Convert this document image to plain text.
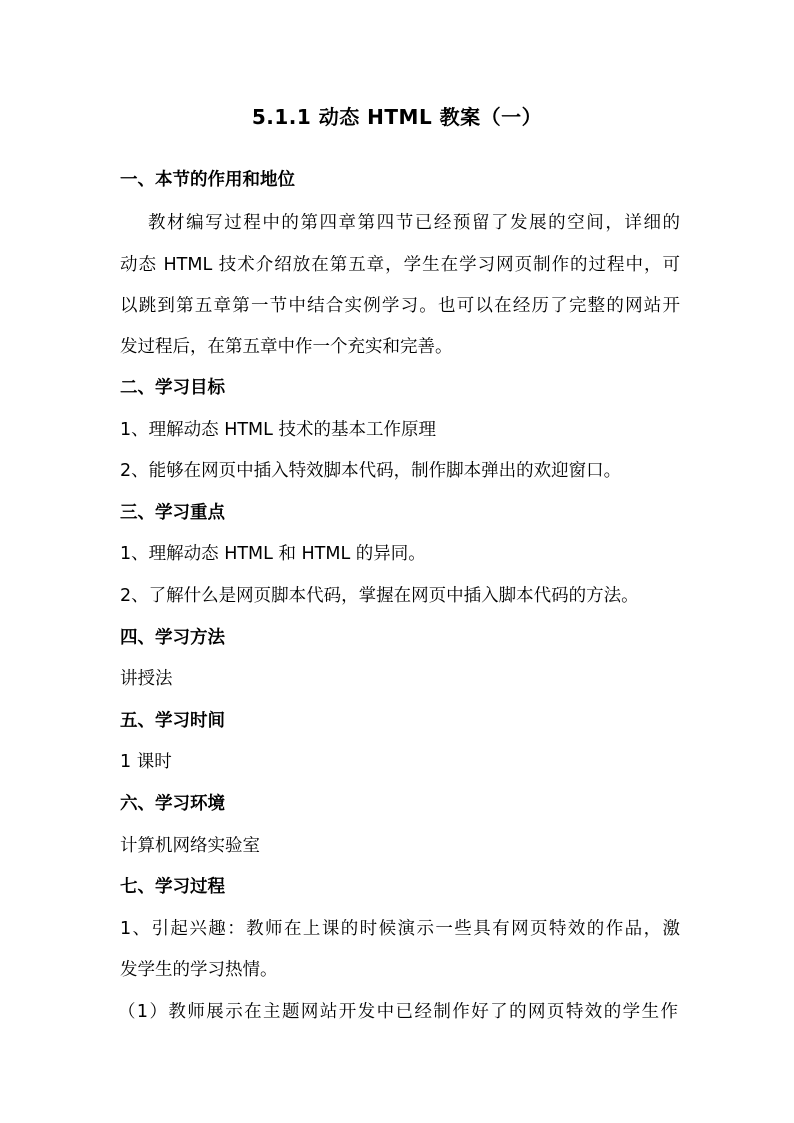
5.1.1 动态 HTML 教案（一）
一、本节的作用和地位
教材编写过程中的第四章第四节已经预留了发展的空间，详细的
动态 HTML 技术介绍放在第五章，学生在学习网页制作的过程中，可
以跳到第五章第一节中结合实例学习。也可以在经历了完整的网站开
发过程后，在第五章中作一个充实和完善。
二、学习目标
1、理解动态 HTML 技术的基本工作原理
2、能够在网页中插入特效脚本代码，制作脚本弹出的欢迎窗口。
三、学习重点
1、理解动态 HTML 和 HTML 的异同。
2、了解什么是网页脚本代码，掌握在网页中插入脚本代码的方法。
四、学习方法
讲授法
五、学习时间
1 课时
六、学习环境
计算机网络实验室
七、学习过程
1、引起兴趣：教师在上课的时候演示一些具有网页特效的作品，激
发学生的学习热情。
（1）教师展示在主题网站开发中已经制作好了的网页特效的学生作
